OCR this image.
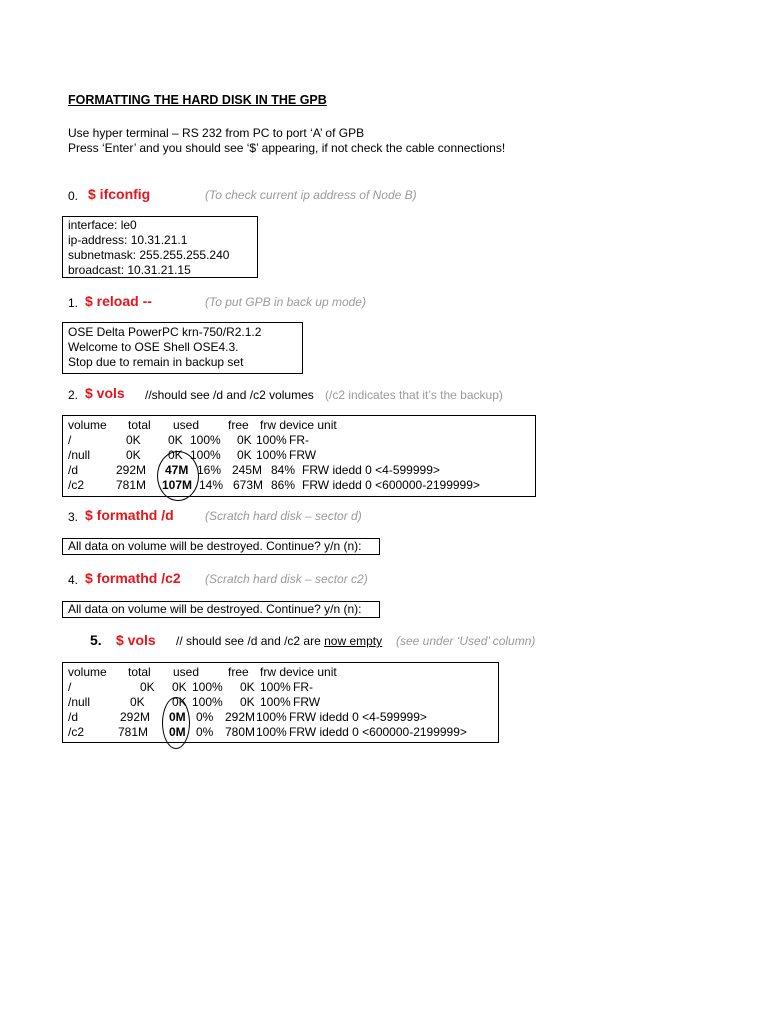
FORMATTING THE HARD DISK IN THE GPB
Use hyper terminal – RS 232 from PC to port ‘A’ of GPB
Press ‘Enter’ and you should see ‘$’ appearing, if not check the cable connections!
0. $ ifconfig	(To check current ip address of Node B)
interface: le0
ip-address: 10.31.21.1
subnetmask: 255.255.255.240
broadcast: 10.31.21.15
1. $ reload --	(To put GPB in back up mode)
OSE Delta PowerPC krn-750/R2.1.2
Welcome to OSE Shell OSE4.3.
Stop due to remain in backup set
2. $ vols //should see /d and /c2 volumes (/c2 indicates that it’s the backup)
volume total used free frw device unit
/	0K 0K 100% 0K 100% FR-
/null	0K 0K 100% 0K 100% FRW
/d	292M 47M 16% 245M 84% FRW idedd 0 <4-599999>
/c2	781M 107M 14% 673M 86% FRW idedd 0 <600000-2199999>
3. $ formathd /d	(Scratch hard disk – sector d)
All data on volume will be destroyed. Continue? y/n (n):
4. $ formathd /c2 (Scratch hard disk – sector c2)
All data on volume will be destroyed. Continue? y/n (n):
5. $ vols // should see /d and /c2 are now empty (see under ‘Used’ column)
volume total used free frw device unit
/	0K 0K 100% 0K 100% FR-
/null	0K 0K 100% 0K 100% FRW
/d	292M 0M 0% 292M 100% FRW idedd 0 <4-599999>
/c2	781M 0M 0% 780M 100% FRW idedd 0 <600000-2199999>
